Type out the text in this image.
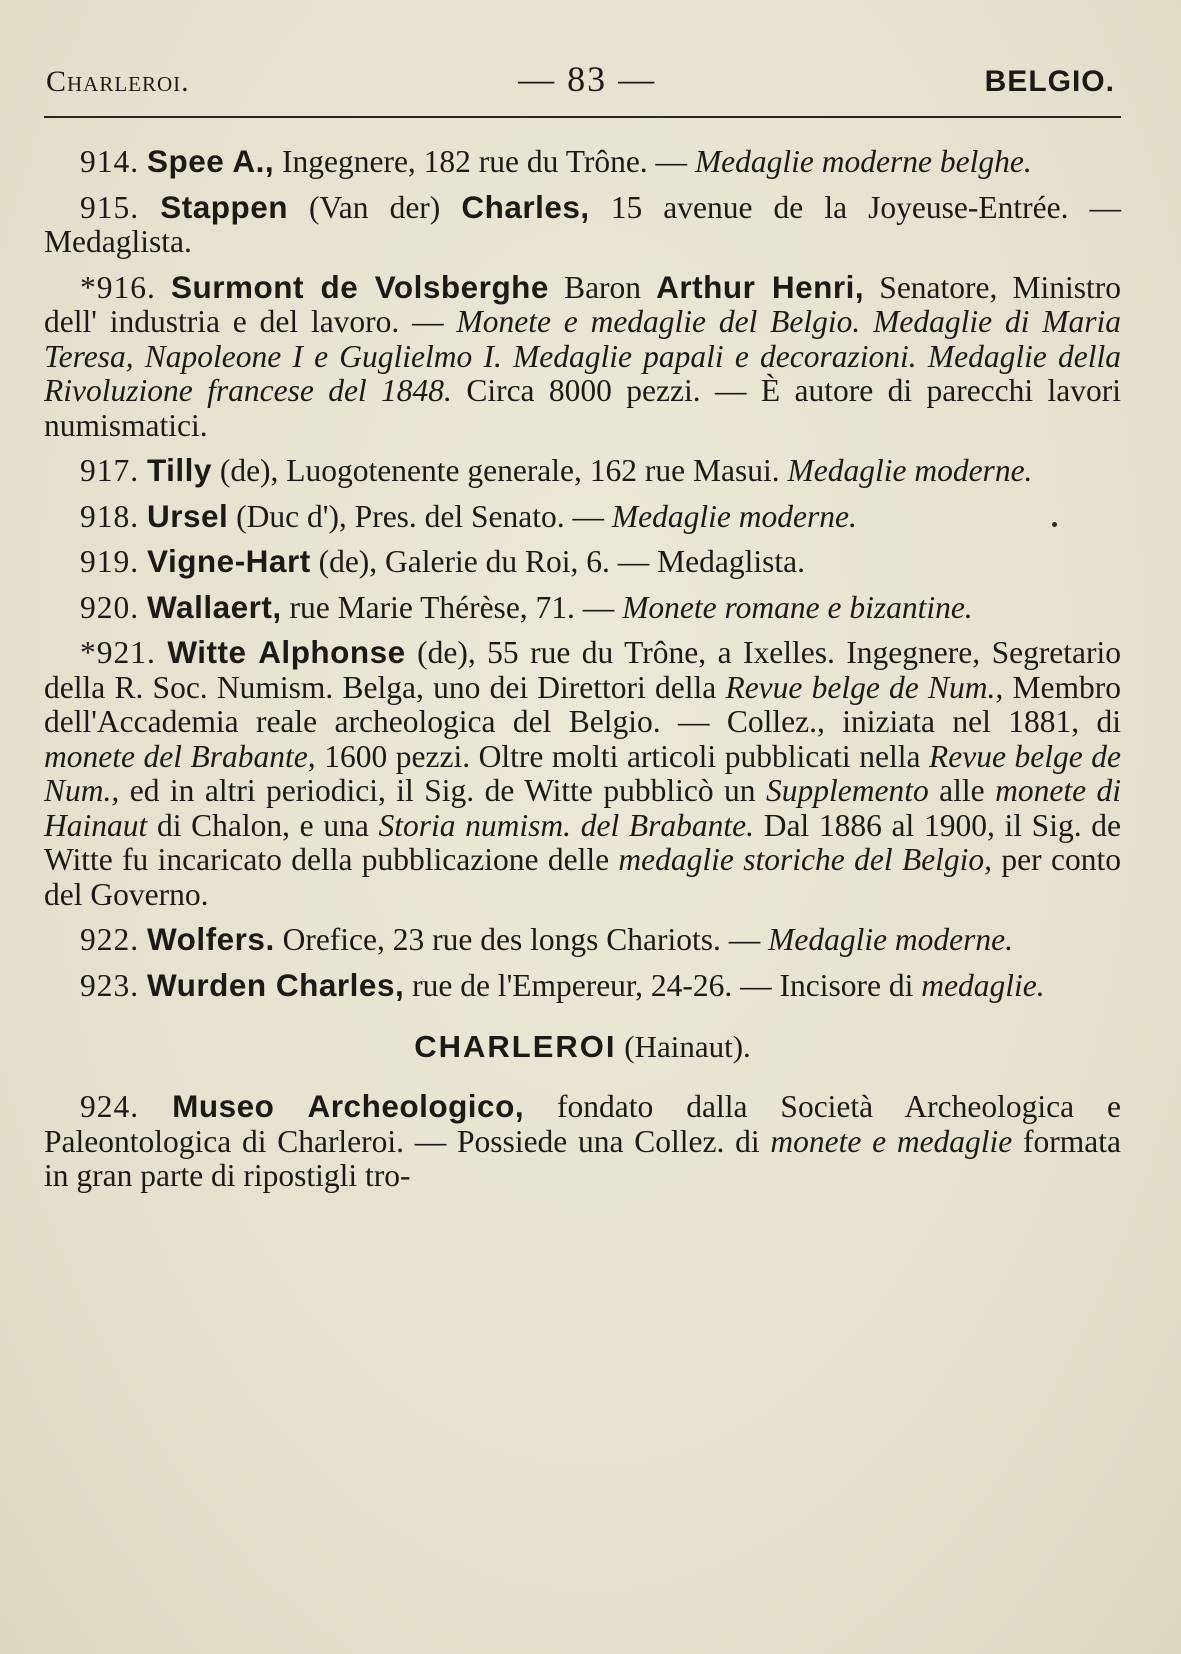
Charleroi.	— 83 —	BELGIO.

914. Spee A., Ingegnere, 182 rue du Trône. — Medaglie moderne belghe.

915. Stappen (Van der) Charles, 15 avenue de la Joyeuse-Entrée. — Medaglista.

*916. Surmont de Volsberghe Baron Arthur Henri, Senatore, Ministro dell' industria e del lavoro. — Monete e medaglie del Belgio. Medaglie di Maria Teresa, Napoleone I e Guglielmo I. Medaglie papali e decorazioni. Medaglie della Rivoluzione francese del 1848. Circa 8000 pezzi. — È autore di parecchi lavori numismatici.

917. Tilly (de), Luogotenente generale, 162 rue Masui. Medaglie moderne.

918. Ursel (Duc d'), Pres. del Senato. — Medaglie moderne.

919. Vigne-Hart (de), Galerie du Roi, 6. — Medaglista.

920. Wallaert, rue Marie Thérèse, 71. — Monete romane e bizantine.

*921. Witte Alphonse (de), 55 rue du Trône, a Ixelles. Ingegnere, Segretario della R. Soc. Numism. Belga, uno dei Direttori della Revue belge de Num., Membro dell'Accademia reale archeologica del Belgio. — Collez., iniziata nel 1881, di monete del Brabante, 1600 pezzi. Oltre molti articoli pubblicati nella Revue belge de Num., ed in altri periodici, il Sig. de Witte pubblicò un Supplemento alle monete di Hainaut di Chalon, e una Storia numism. del Brabante. Dal 1886 al 1900, il Sig. de Witte fu incaricato della pubblicazione delle medaglie storiche del Belgio, per conto del Governo.

922. Wolfers. Orefice, 23 rue des longs Chariots. — Medaglie moderne.

923. Wurden Charles, rue de l'Empereur, 24-26. — Incisore di medaglie.

CHARLEROI (Hainaut).

924. Museo Archeologico, fondato dalla Società Archeologica e Paleontologica di Charleroi. — Possiede una Collez. di monete e medaglie formata in gran parte di ripostigli tro-
